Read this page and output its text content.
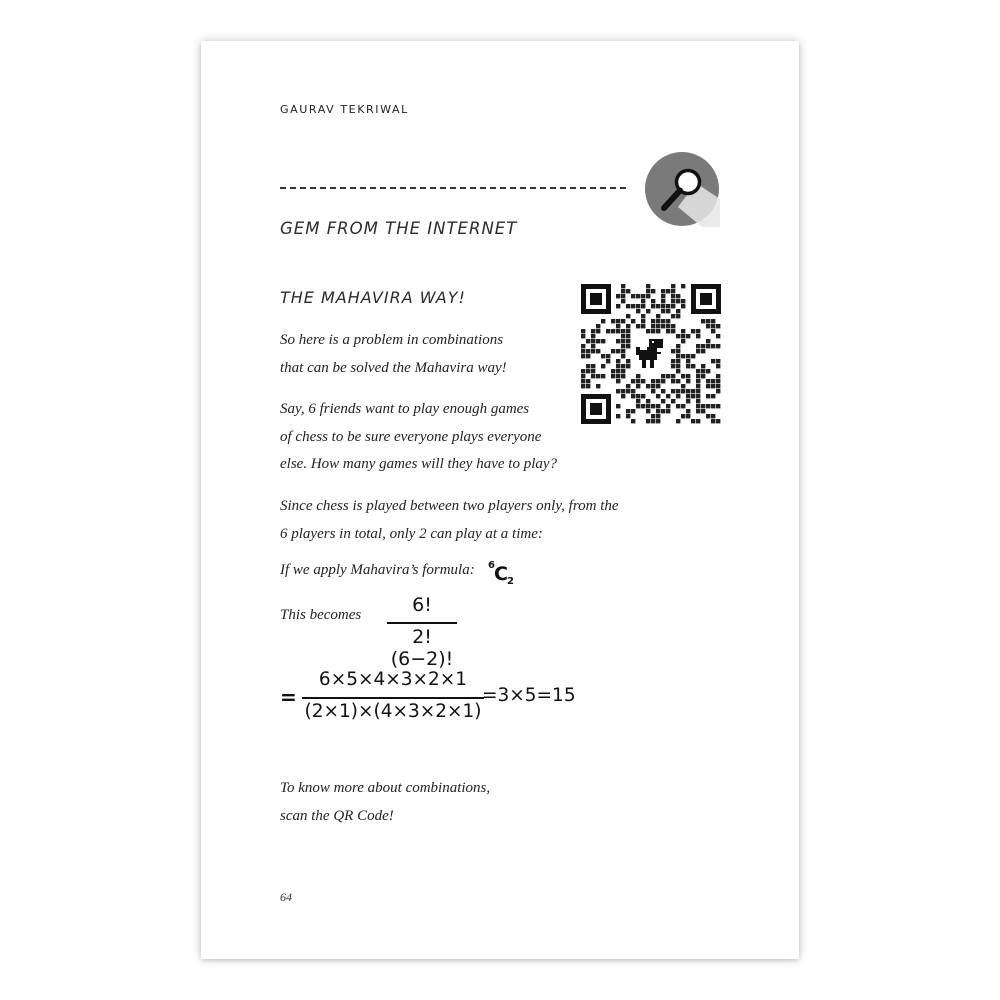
GAURAV TEKRIWAL
GEM FROM THE INTERNET
THE MAHAVIRA WAY!
So here is a problem in combinations
that can be solved the Mahavira way!
Say, 6 friends want to play enough games
of chess to be sure everyone plays everyone
else. How many games will they have to play?
Since chess is played between two players only, from the
6 players in total, only 2 can play at a time:
If we apply Mahavira’s formula: 6 C 2
This becomes	6!
2!(6−2)!
=
6×5×4×3×2×1
(2×1)×(4×3×2×1)
=3×5=15
To know more about combinations,
scan the QR Code!
64
